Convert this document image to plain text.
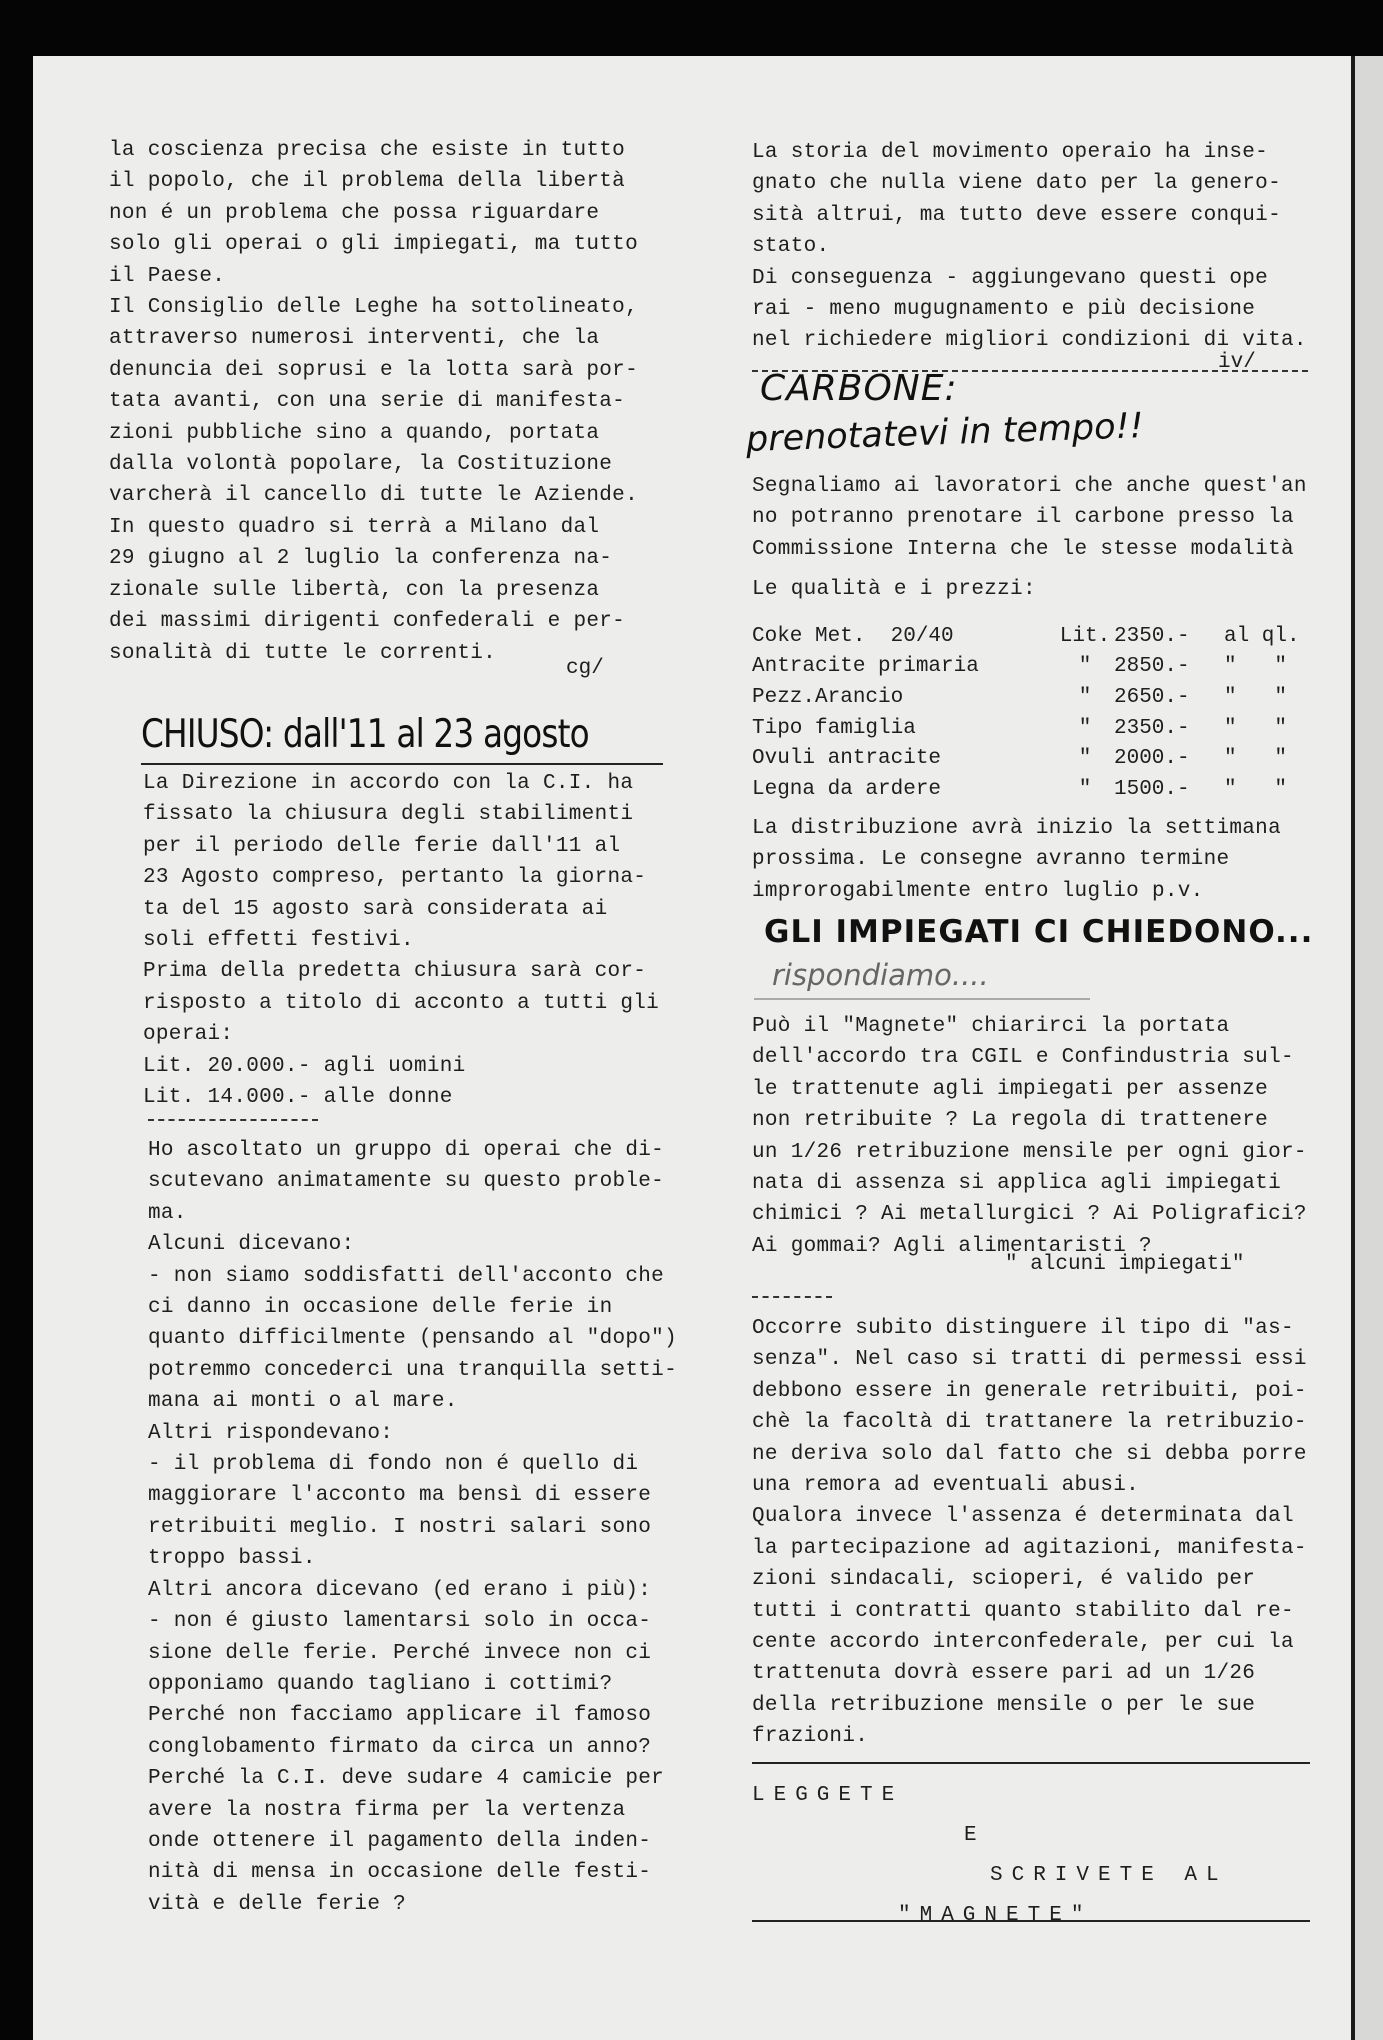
la coscienza precisa che esiste in tutto

il popolo, che il problema della libertà

non é un problema che possa riguardare

solo gli operai o gli impiegati, ma tutto

il Paese.

Il Consiglio delle Leghe ha sottolineato,

attraverso numerosi interventi, che la

denuncia dei soprusi e la lotta sarà por-

tata avanti, con una serie di manifesta-

zioni pubbliche sino a quando, portata

dalla volontà popolare, la Costituzione

varcherà il cancello di tutte le Aziende.

In questo quadro si terrà a Milano dal

29 giugno al 2 luglio la conferenza na-

zionale sulle libertà, con la presenza

dei massimi dirigenti confederali e per-

sonalità di tutte le correnti.

cg/
CHIUSO: dall'11 al 23 agosto

La Direzione in accordo con la C.I. ha

fissato la chiusura degli stabilimenti

per il periodo delle ferie dall'11 al

23 Agosto compreso, pertanto la giorna-

ta del 15 agosto sarà considerata ai

soli effetti festivi.

Prima della predetta chiusura sarà cor-

risposto a titolo di acconto a tutti gli

operai:

Lit. 20.000.- agli uomini

Lit. 14.000.- alle donne

Ho ascoltato un gruppo di operai che di-

scutevano animatamente su questo proble-

ma.

Alcuni dicevano:

- non siamo soddisfatti dell'acconto che

ci danno in occasione delle ferie in

quanto difficilmente (pensando al "dopo")

potremmo concederci una tranquilla setti-

mana ai monti o al mare.

Altri rispondevano:

- il problema di fondo non é quello di

maggiorare l'acconto ma bensì di essere

retribuiti meglio. I nostri salari sono

troppo bassi.

Altri ancora dicevano (ed erano i più):

- non é giusto lamentarsi solo in occa-

sione delle ferie. Perché invece non ci

opponiamo quando tagliano i cottimi?

Perché non facciamo applicare il famoso

conglobamento firmato da circa un anno?

Perché la C.I. deve sudare 4 camicie per

avere la nostra firma per la vertenza

onde ottenere il pagamento della inden-

nità di mensa in occasione delle festi-

vità e delle ferie ?

La storia del movimento operaio ha inse-

gnato che nulla viene dato per la genero-

sità altrui, ma tutto deve essere conqui-

stato.

Di conseguenza - aggiungevano questi ope

rai - meno mugugnamento e più decisione

nel richiedere migliori condizioni di vita.

iv/
CARBONE:
prenotatevi in tempo!!

Segnaliamo ai lavoratori che anche quest'an

no potranno prenotare il carbone presso la

Commissione Interna che le stesse modalità

Le qualità e i prezzi:

Coke Met.  20/40	Lit.	2350.-	al ql.
Antracite primaria	"	2850.-	"   "
Pezz.Arancio	"	2650.-	"   "
Tipo famiglia	"	2350.-	"   "
Ovuli antracite	"	2000.-	"   "
Legna da ardere	"	1500.-	"   "

La distribuzione avrà inizio la settimana

prossima. Le consegne avranno termine

improrogabilmente entro luglio p.v.

GLI IMPIEGATI CI CHIEDONO...
rispondiamo....

Può il "Magnete" chiarirci la portata

dell'accordo tra CGIL e Confindustria sul-

le trattenute agli impiegati per assenze

non retribuite ? La regola di trattenere

un 1/26 retribuzione mensile per ogni gior-

nata di assenza si applica agli impiegati

chimici ? Ai metallurgici ? Ai Poligrafici?

Ai gommai? Agli alimentaristi ?

" alcuni impiegati"

Occorre subito distinguere il tipo di "as-

senza". Nel caso si tratti di permessi essi

debbono essere in generale retribuiti, poi-

chè la facoltà di trattanere la retribuzio-

ne deriva solo dal fatto che si debba porre

una remora ad eventuali abusi.

Qualora invece l'assenza é determinata dal

la partecipazione ad agitazioni, manifesta-

zioni sindacali, scioperi, é valido per

tutti i contratti quanto stabilito dal re-

cente accordo interconfederale, per cui la

trattenuta dovrà essere pari ad un 1/26

della retribuzione mensile o per le sue

frazioni.

LEGGETE

E

SCRIVETE AL

"MAGNETE"
